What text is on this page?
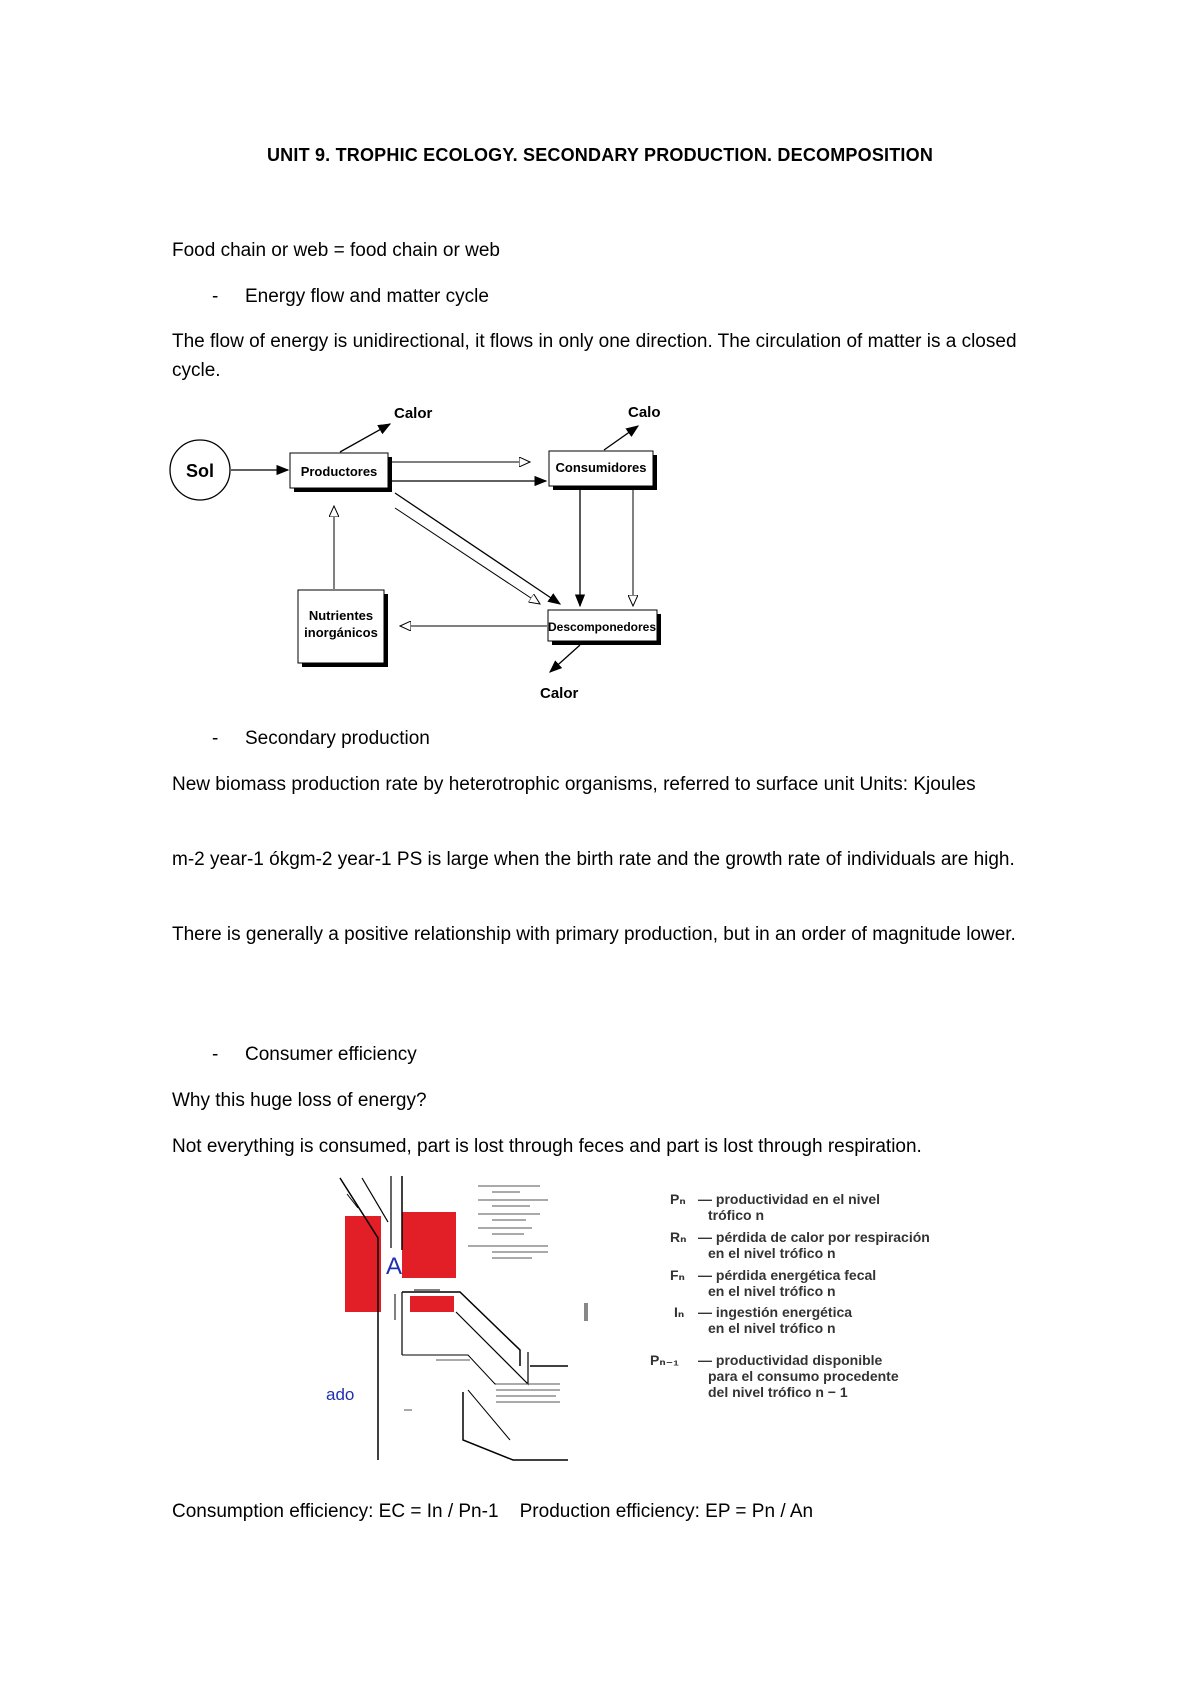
UNIT 9. TROPHIC ECOLOGY. SECONDARY PRODUCTION. DECOMPOSITION
Food chain or web = food chain or web
-	Energy flow and matter cycle
The flow of energy is unidirectional, it flows in only one direction. The circulation of matter is a closed cycle.
Sol	Productores	Consumidores
Descomponedores
Nutrientes
inorgánicos
Calor	Calo
Calor
-	Secondary production
New biomass production rate by heterotrophic organisms, referred to surface unit Units: Kjoules
m-2 year-1 ókgm-2 year-1 PS is large when the birth rate and the growth rate of individuals are high.
There is generally a positive relationship with primary production, but in an order of magnitude lower.
-	Consumer efficiency
Why this huge loss of energy?
Not everything is consumed, part is lost through feces and part is lost through respiration.
A
ado
Pₙ — productividad en el nivel
trófico n
Rₙ — pérdida de calor por respiración
en el nivel trófico n
Fₙ — pérdida energética fecal
en el nivel trófico n
Iₙ — ingestión energética
en el nivel trófico n
Pₙ₋₁ — productividad disponible
para el consumo procedente
del nivel trófico n − 1
Consumption efficiency: EC = In / Pn-1    Production efficiency: EP = Pn / An
